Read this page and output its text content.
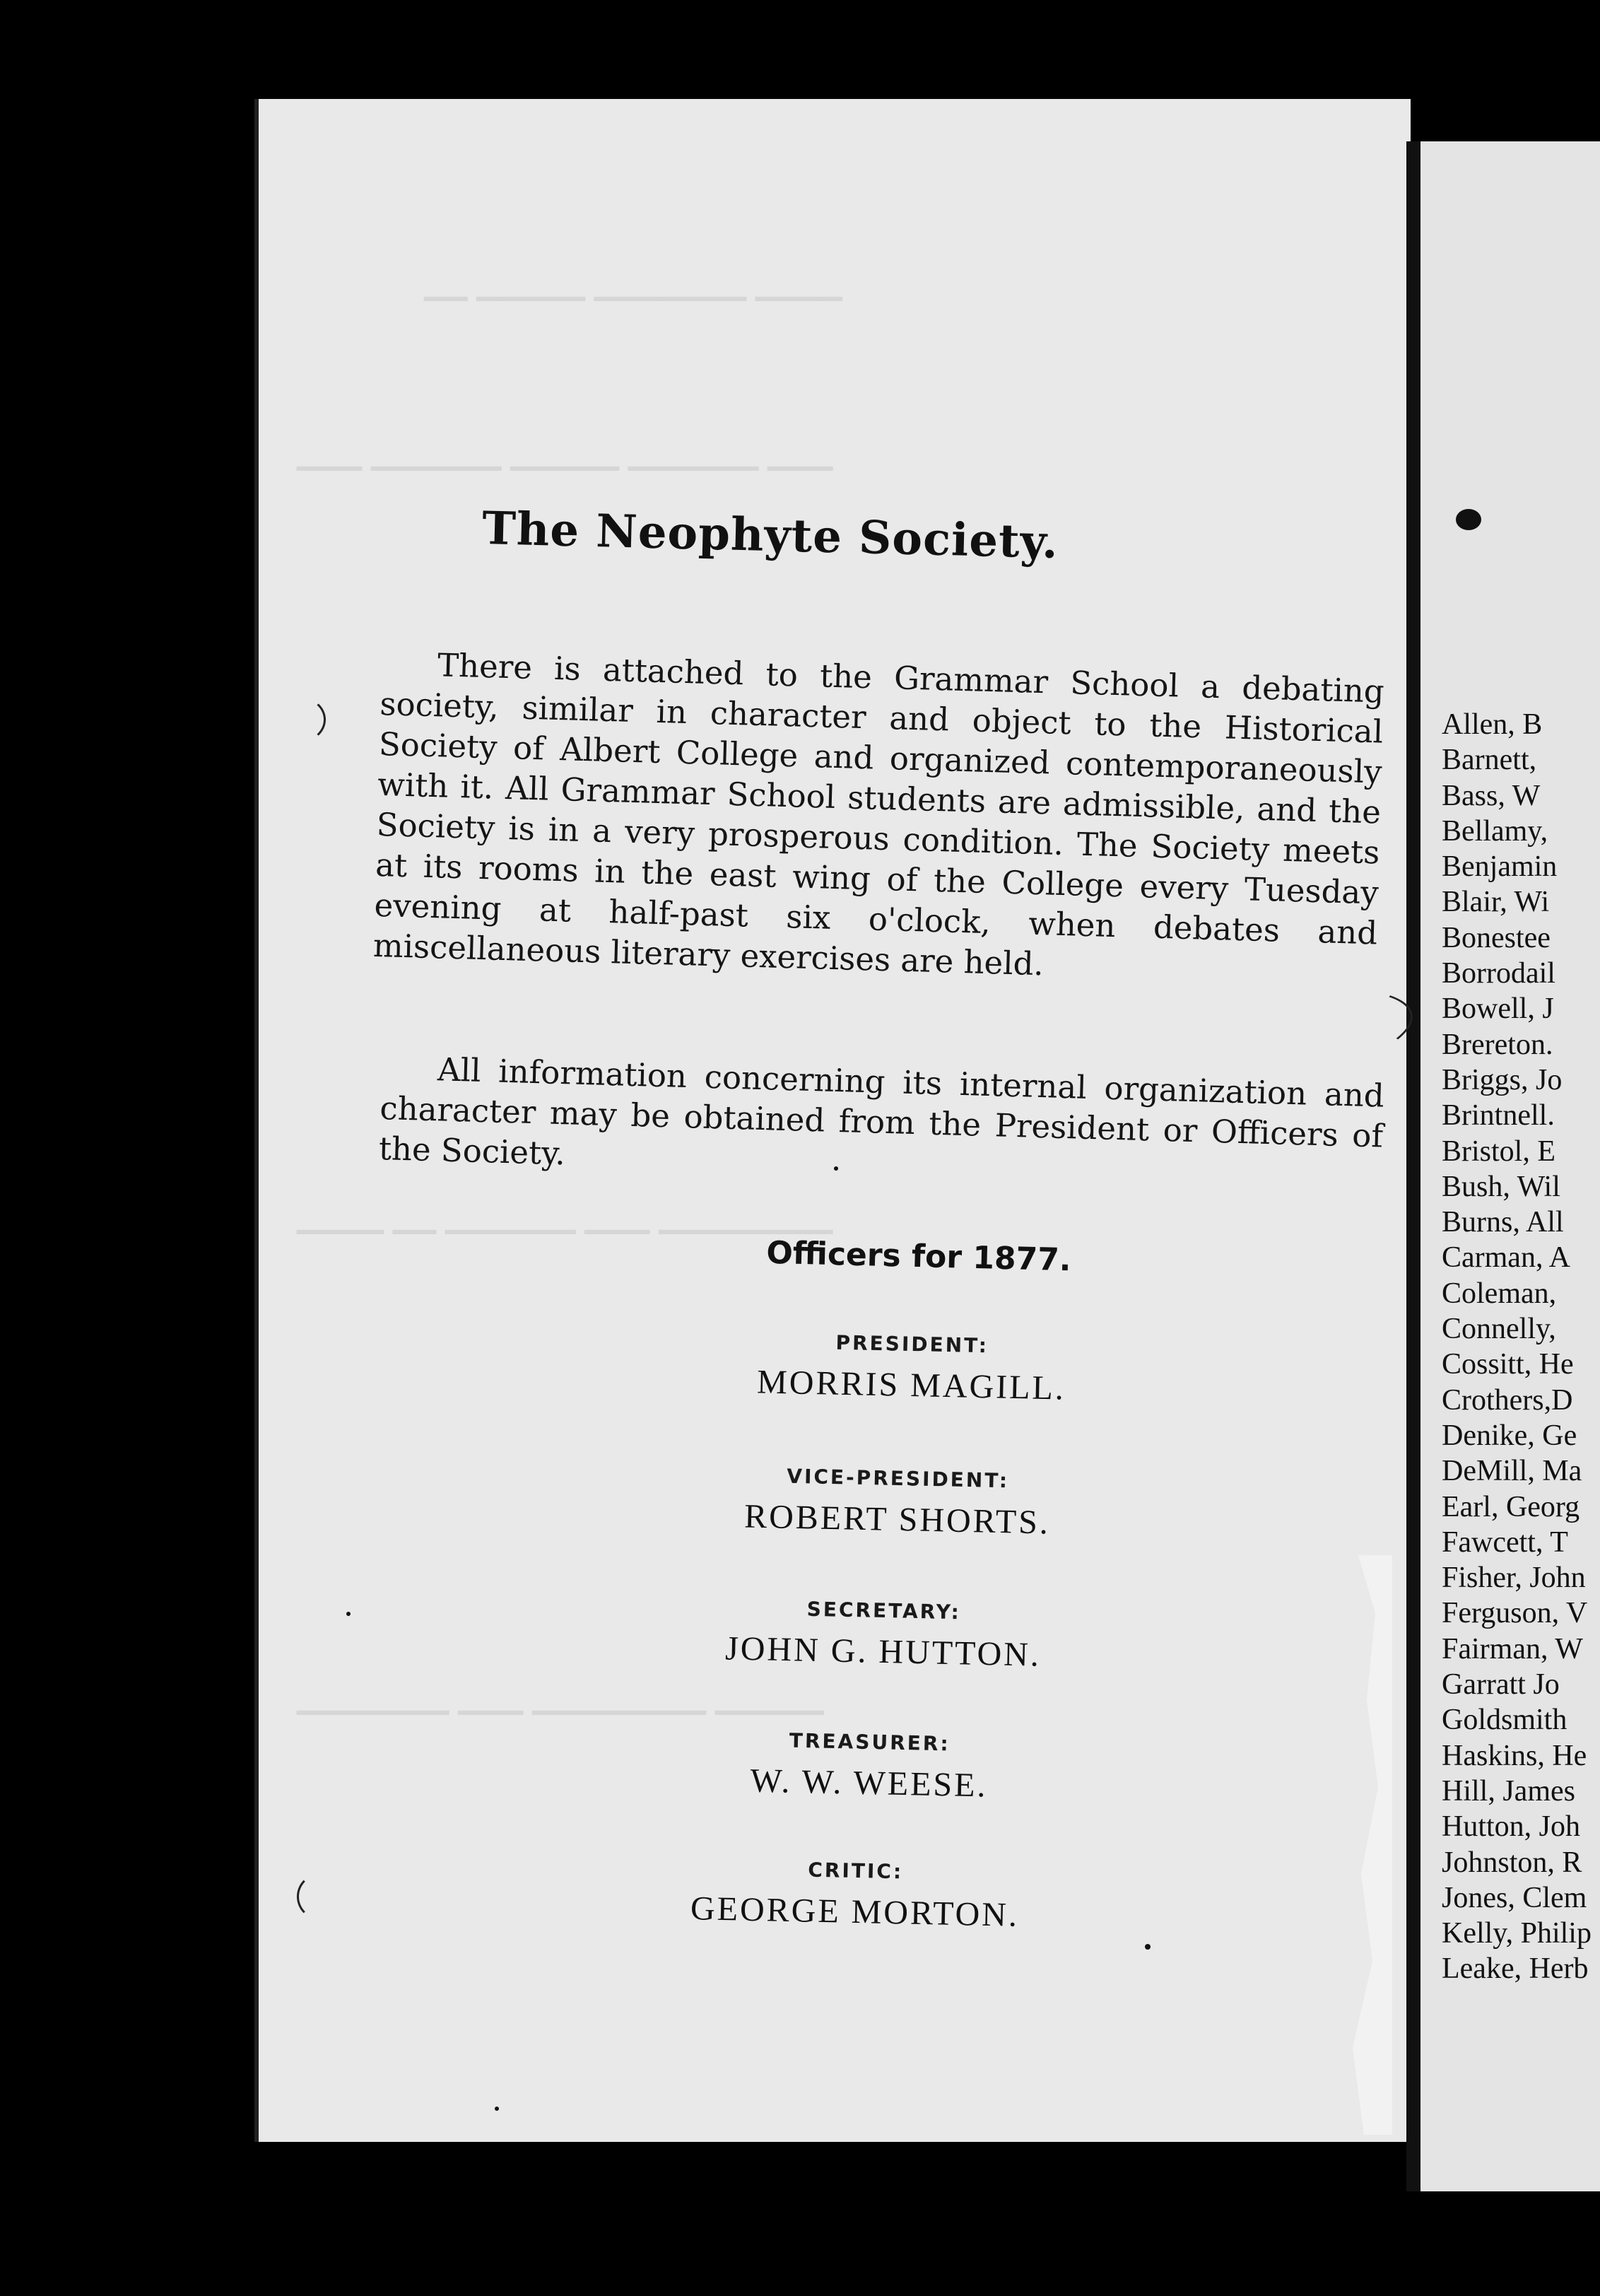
▁▁ ▁▁▁▁▁ ▁▁▁▁▁▁▁ ▁▁▁▁
▁▁▁ ▁▁▁▁▁▁ ▁▁▁▁▁ ▁▁▁▁▁▁ ▁▁▁
▁▁▁▁ ▁▁ ▁▁▁▁▁▁ ▁▁▁ ▁▁▁▁▁▁▁▁
▁▁▁▁▁▁▁ ▁▁▁ ▁▁▁▁▁▁▁▁ ▁▁▁▁▁
The Neophyte Society.
There is attached to the Grammar School a debating society, similar in character and object to the Historical Society of Albert College and organized contemporaneously with it. All Grammar School students are admissible, and the Society is in a very prosperous condition. The Society meets at its rooms in the east wing of the College every Tuesday evening at half-past six o'clock, when debates and miscellaneous literary exercises are held.
All information concerning its internal organization and character may be obtained from the President or Officers of the Society.
Officers for 1877.
PRESIDENT:
MORRIS MAGILL.
VICE-PRESIDENT:
ROBERT SHORTS.
SECRETARY:
JOHN G. HUTTON.
TREASURER:
W. W. WEESE.
CRITIC:
GEORGE MORTON.
Allen, B
Barnett,
Bass, W
Bellamy,
Benjamin
Blair, Wi
Bonestee
Borrodail
Bowell, J
Brereton.
Briggs, Jo
Brintnell.
Bristol, E
Bush, Wil
Burns, All
Carman, A
Coleman,
Connelly,
Cossitt, He
Crothers,D
Denike, Ge
DeMill, Ma
Earl, Georg
Fawcett, T
Fisher, John
Ferguson, V
Fairman, W
Garratt Jo
Goldsmith
Haskins, He
Hill, James
Hutton, Joh
Johnston, R
Jones, Clem
Kelly, Philip
Leake, Herb
